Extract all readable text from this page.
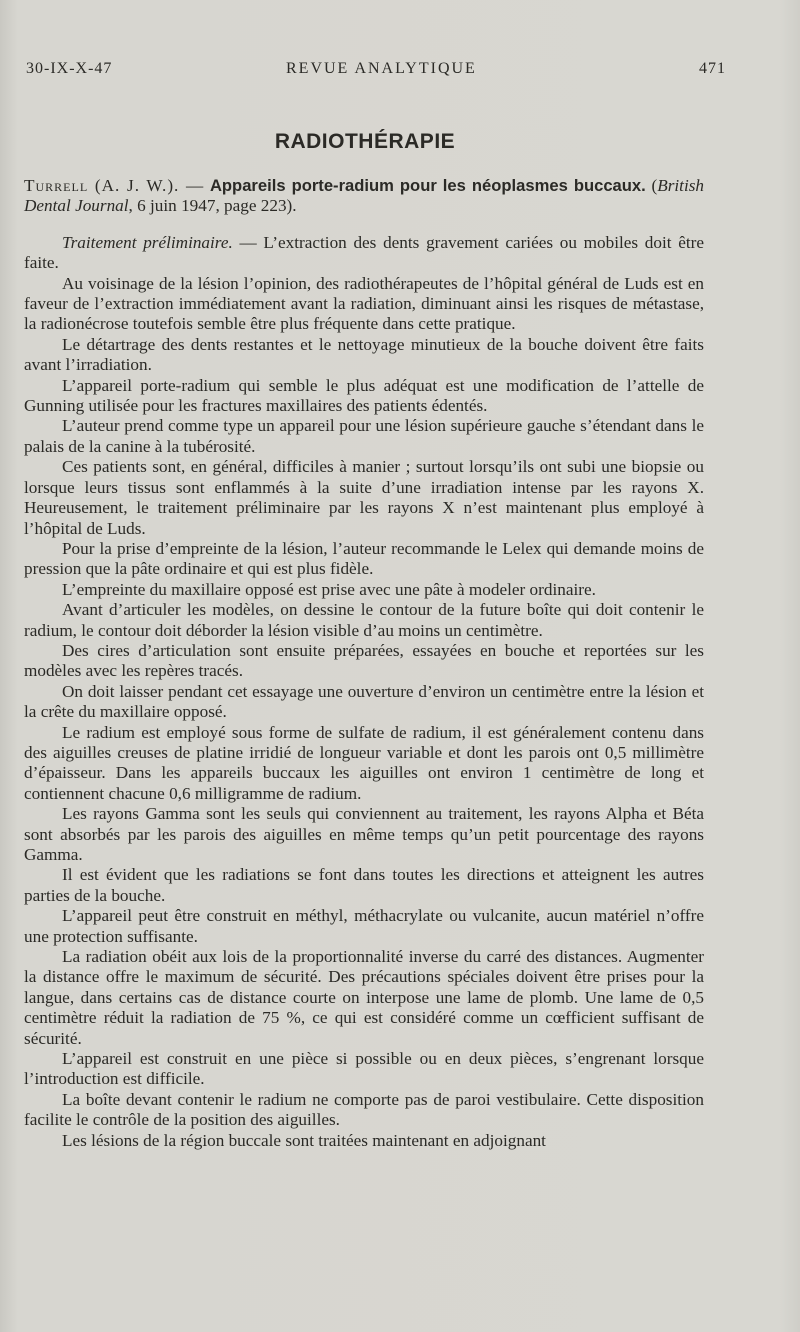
30-IX-X-47	REVUE ANALYTIQUE	471
RADIOTHÉRAPIE

Turrell (A. J. W.). — Appareils porte-radium pour les néoplasmes buccaux. (British Dental Journal, 6 juin 1947, page 223).

Traitement préliminaire. — L’extraction des dents gravement cariées ou mobiles doit être faite.

Au voisinage de la lésion l’opinion, des radiothérapeutes de l’hôpital général de Luds est en faveur de l’extraction immédiatement avant la radiation, diminuant ainsi les risques de métastase, la radionécrose toutefois semble être plus fréquente dans cette pratique.

Le détartrage des dents restantes et le nettoyage minutieux de la bouche doivent être faits avant l’irradiation.

L’appareil porte-radium qui semble le plus adéquat est une modification de l’attelle de Gunning utilisée pour les fractures maxillaires des patients édentés.

L’auteur prend comme type un appareil pour une lésion supérieure gauche s’étendant dans le palais de la canine à la tubérosité.

Ces patients sont, en général, difficiles à manier ; surtout lorsqu’ils ont subi une biopsie ou lorsque leurs tissus sont enflammés à la suite d’une irradiation intense par les rayons X. Heureusement, le traitement préliminaire par les rayons X n’est maintenant plus employé à l’hôpital de Luds.

Pour la prise d’empreinte de la lésion, l’auteur recommande le Lelex qui demande moins de pression que la pâte ordinaire et qui est plus fidèle.

L’empreinte du maxillaire opposé est prise avec une pâte à modeler ordinaire.

Avant d’articuler les modèles, on dessine le contour de la future boîte qui doit contenir le radium, le contour doit déborder la lésion visible d’au moins un centimètre.

Des cires d’articulation sont ensuite préparées, essayées en bouche et reportées sur les modèles avec les repères tracés.

On doit laisser pendant cet essayage une ouverture d’environ un centimètre entre la lésion et la crête du maxillaire opposé.

Le radium est employé sous forme de sulfate de radium, il est généralement contenu dans des aiguilles creuses de platine irridié de longueur variable et dont les parois ont 0,5 millimètre d’épaisseur. Dans les appareils buccaux les aiguilles ont environ 1 centimètre de long et contiennent chacune 0,6 milligramme de radium.

Les rayons Gamma sont les seuls qui conviennent au traitement, les rayons Alpha et Béta sont absorbés par les parois des aiguilles en même temps qu’un petit pourcentage des rayons Gamma.

Il est évident que les radiations se font dans toutes les directions et atteignent les autres parties de la bouche.

L’appareil peut être construit en méthyl, méthacrylate ou vulcanite, aucun matériel n’offre une protection suffisante.

La radiation obéit aux lois de la proportionnalité inverse du carré des distances. Augmenter la distance offre le maximum de sécurité. Des précautions spéciales doivent être prises pour la langue, dans certains cas de distance courte on interpose une lame de plomb. Une lame de 0,5 centimètre réduit la radiation de 75 %, ce qui est considéré comme un cœfficient suffisant de sécurité.

L’appareil est construit en une pièce si possible ou en deux pièces, s’engrenant lorsque l’introduction est difficile.

La boîte devant contenir le radium ne comporte pas de paroi vestibulaire. Cette disposition facilite le contrôle de la position des aiguilles.

Les lésions de la région buccale sont traitées maintenant en adjoignant
